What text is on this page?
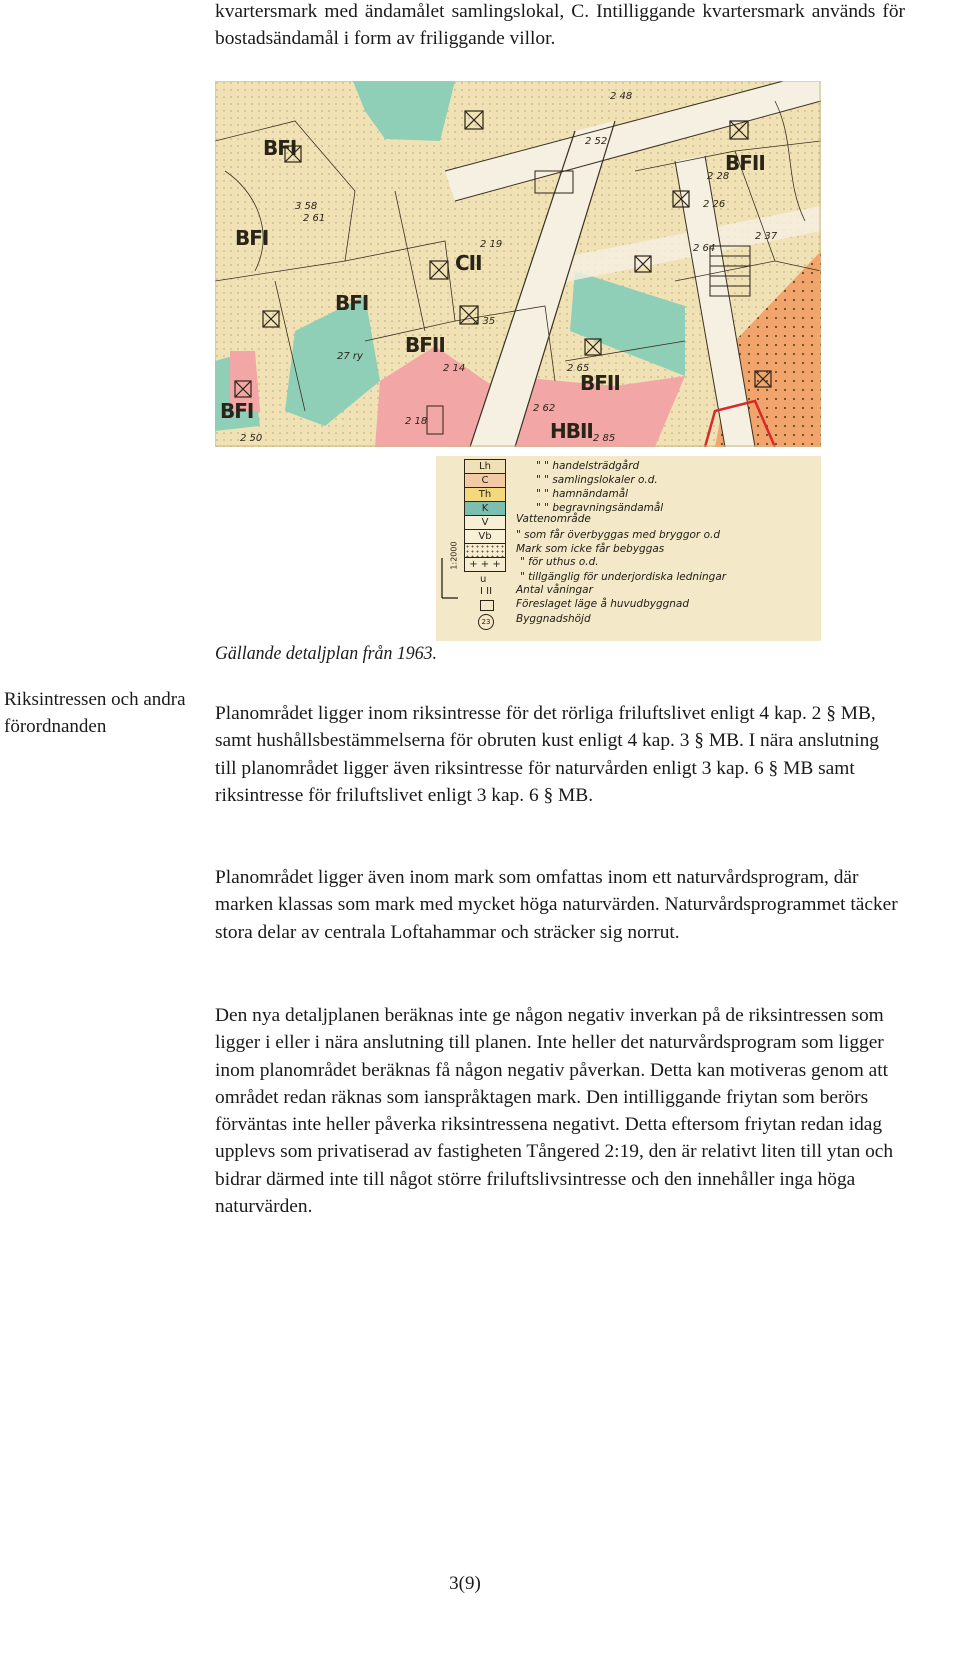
kvartersmark med ändamålet samlingslokal, C. Intilliggande kvartersmark används för bostadsändamål i form av friliggande villor.

BFI
BFII
BFI
CII
BFI
BFII
BFII
BFI
HBII
2 48
2 52
2 26
2 19
2 35
2 14
2 18
2 65
2 62
2 85
2 64
2 37
2 28
2 50
27 ry
3 58
2 61
1:2000
Lh
C
Th
K
V
Vb
+ + +
u
I II
23
" " handelsträdgård
" " samlingslokaler o.d.
" " hamnändamål
" " begravningsändamål
Vattenområde
" som får överbyggas med bryggor o.d
Mark som icke får bebyggas
" för uthus o.d.
" tillgänglig för underjordiska ledningar
Antal våningar
Föreslaget läge å huvudbyggnad
Byggnadshöjd
Gällande detaljplan från 1963.

Riksintressen och andra förordnanden

Planområdet ligger inom riksintresse för det rörliga friluftslivet enligt 4 kap. 2 § MB, samt hushållsbestämmelserna för obruten kust enligt 4 kap. 3 § MB. I nära anslutning till planområdet ligger även riksintresse för naturvården enligt 3 kap. 6 § MB samt riksintresse för friluftslivet enligt 3 kap. 6 § MB.

Planområdet ligger även inom mark som omfattas inom ett naturvårdsprogram, där marken klassas som mark med mycket höga naturvärden. Naturvårdsprogrammet täcker stora delar av centrala Loftahammar och sträcker sig norrut.

Den nya detaljplanen beräknas inte ge någon negativ inverkan på de riksintressen som ligger i eller i nära anslutning till planen. Inte heller det naturvårdsprogram som ligger inom planområdet beräknas få någon negativ påverkan. Detta kan motiveras genom att området redan räknas som ianspråktagen mark. Den intilliggande friytan som berörs förväntas inte heller påverka riksintressena negativt. Detta eftersom friytan redan idag upplevs som privatiserad av fastigheten Tångered 2:19, den är relativt liten till ytan och bidrar därmed inte till något större friluftslivsintresse och den innehåller inga höga naturvärden.

3(9)
